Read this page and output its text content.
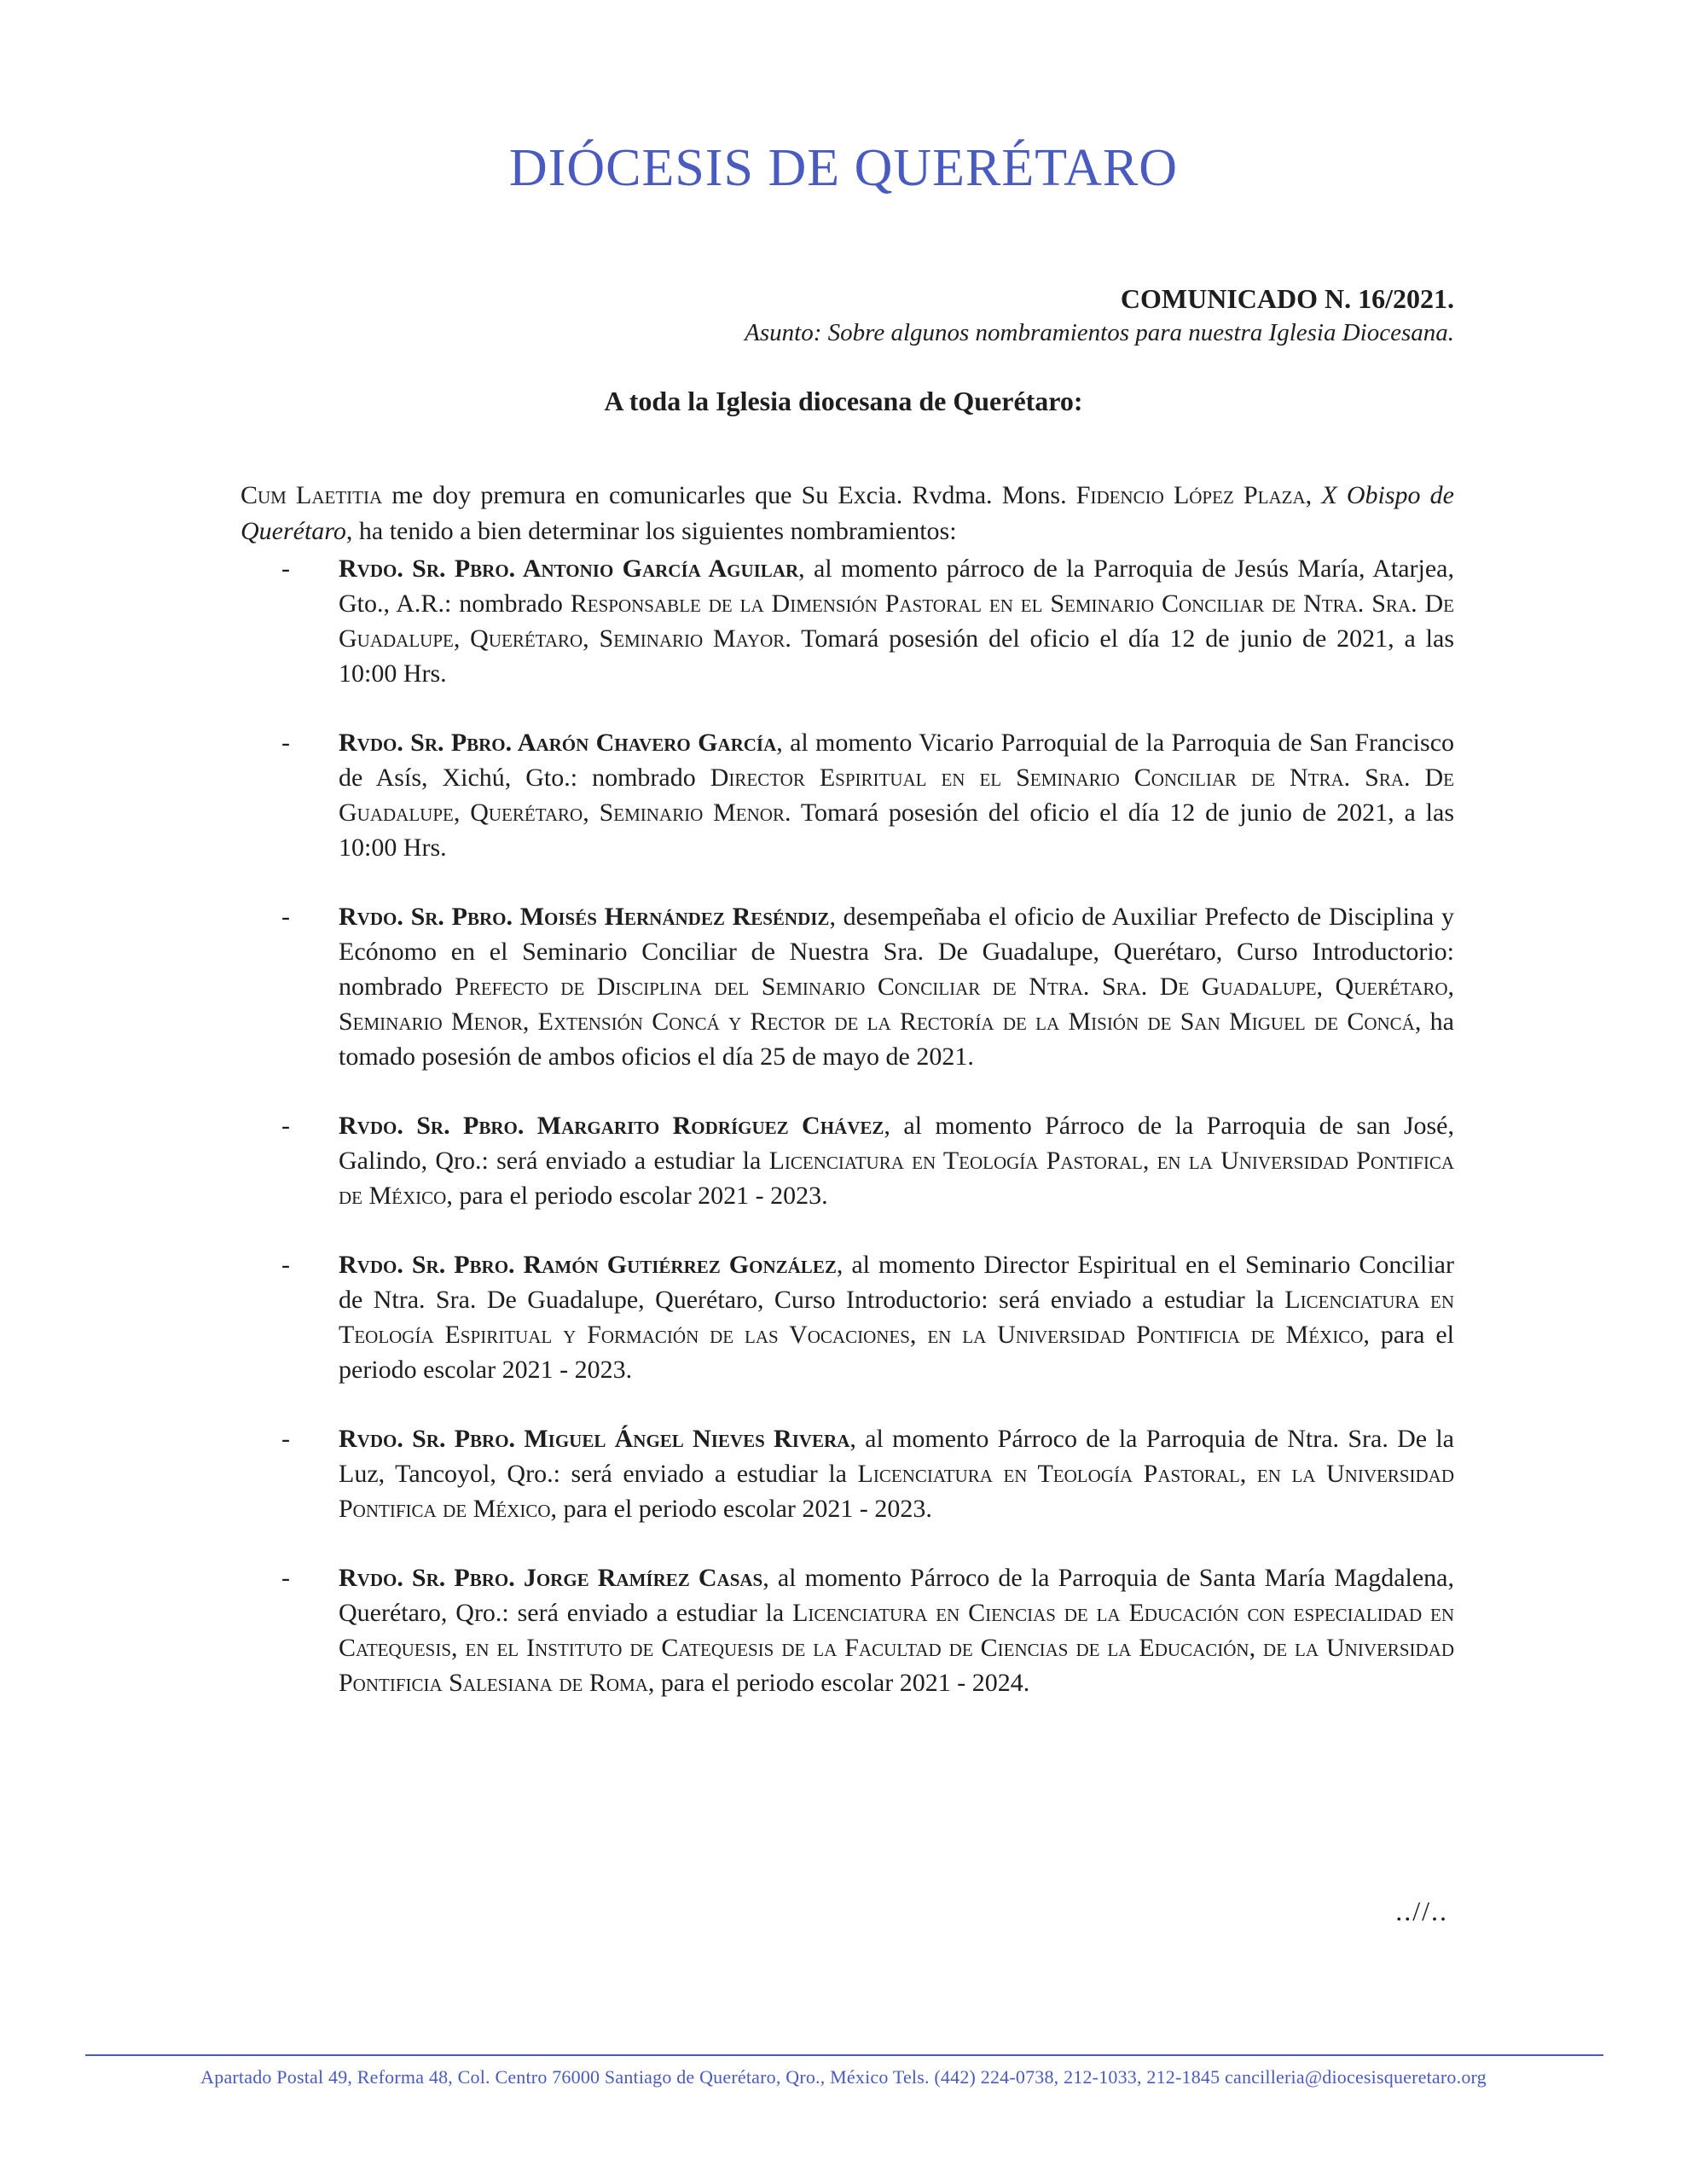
DIÓCESIS DE QUERÉTARO
COMUNICADO N. 16/2021.
Asunto: Sobre algunos nombramientos para nuestra Iglesia Diocesana.
A toda la Iglesia diocesana de Querétaro:

Cum Laetitia me doy premura en comunicarles que Su Excia. Rvdma. Mons. Fidencio López Plaza, X Obispo de Querétaro, ha tenido a bien determinar los siguientes nombramientos:

- Rvdo. Sr. Pbro. Antonio García Aguilar, al momento párroco de la Parroquia de Jesús María, Atarjea, Gto., A.R.: nombrado Responsable de la Dimensión Pastoral en el Seminario Conciliar de Ntra. Sra. De Guadalupe, Querétaro, Seminario Mayor. Tomará posesión del oficio el día 12 de junio de 2021, a las 10:00 Hrs.
- Rvdo. Sr. Pbro. Aarón Chavero García, al momento Vicario Parroquial de la Parroquia de San Francisco de Asís, Xichú, Gto.: nombrado Director Espiritual en el Seminario Conciliar de Ntra. Sra. De Guadalupe, Querétaro, Seminario Menor. Tomará posesión del oficio el día 12 de junio de 2021, a las 10:00 Hrs.
- Rvdo. Sr. Pbro. Moisés Hernández Reséndiz, desempeñaba el oficio de Auxiliar Prefecto de Disciplina y Ecónomo en el Seminario Conciliar de Nuestra Sra. De Guadalupe, Querétaro, Curso Introductorio: nombrado Prefecto de Disciplina del Seminario Conciliar de Ntra. Sra. De Guadalupe, Querétaro, Seminario Menor, Extensión Concá y Rector de la Rectoría de la Misión de San Miguel de Concá, ha tomado posesión de ambos oficios el día 25 de mayo de 2021.
- Rvdo. Sr. Pbro. Margarito Rodríguez Chávez, al momento Párroco de la Parroquia de san José, Galindo, Qro.: será enviado a estudiar la Licenciatura en Teología Pastoral, en la Universidad Pontifica de México, para el periodo escolar 2021 - 2023.
- Rvdo. Sr. Pbro. Ramón Gutiérrez González, al momento Director Espiritual en el Seminario Conciliar de Ntra. Sra. De Guadalupe, Querétaro, Curso Introductorio: será enviado a estudiar la Licenciatura en Teología Espiritual y Formación de las Vocaciones, en la Universidad Pontificia de México, para el periodo escolar 2021 - 2023.
- Rvdo. Sr. Pbro. Miguel Ángel Nieves Rivera, al momento Párroco de la Parroquia de Ntra. Sra. De la Luz, Tancoyol, Qro.: será enviado a estudiar la Licenciatura en Teología Pastoral, en la Universidad Pontifica de México, para el periodo escolar 2021 - 2023.
- Rvdo. Sr. Pbro. Jorge Ramírez Casas, al momento Párroco de la Parroquia de Santa María Magdalena, Querétaro, Qro.: será enviado a estudiar la Licenciatura en Ciencias de la Educación con especialidad en Catequesis, en el Instituto de Catequesis de la Facultad de Ciencias de la Educación, de la Universidad Pontificia Salesiana de Roma, para el periodo escolar 2021 - 2024.
..//..
Apartado Postal 49, Reforma 48, Col. Centro 76000 Santiago de Querétaro, Qro., México Tels. (442) 224-0738, 212-1033, 212-1845 cancilleria@diocesisqueretaro.org
